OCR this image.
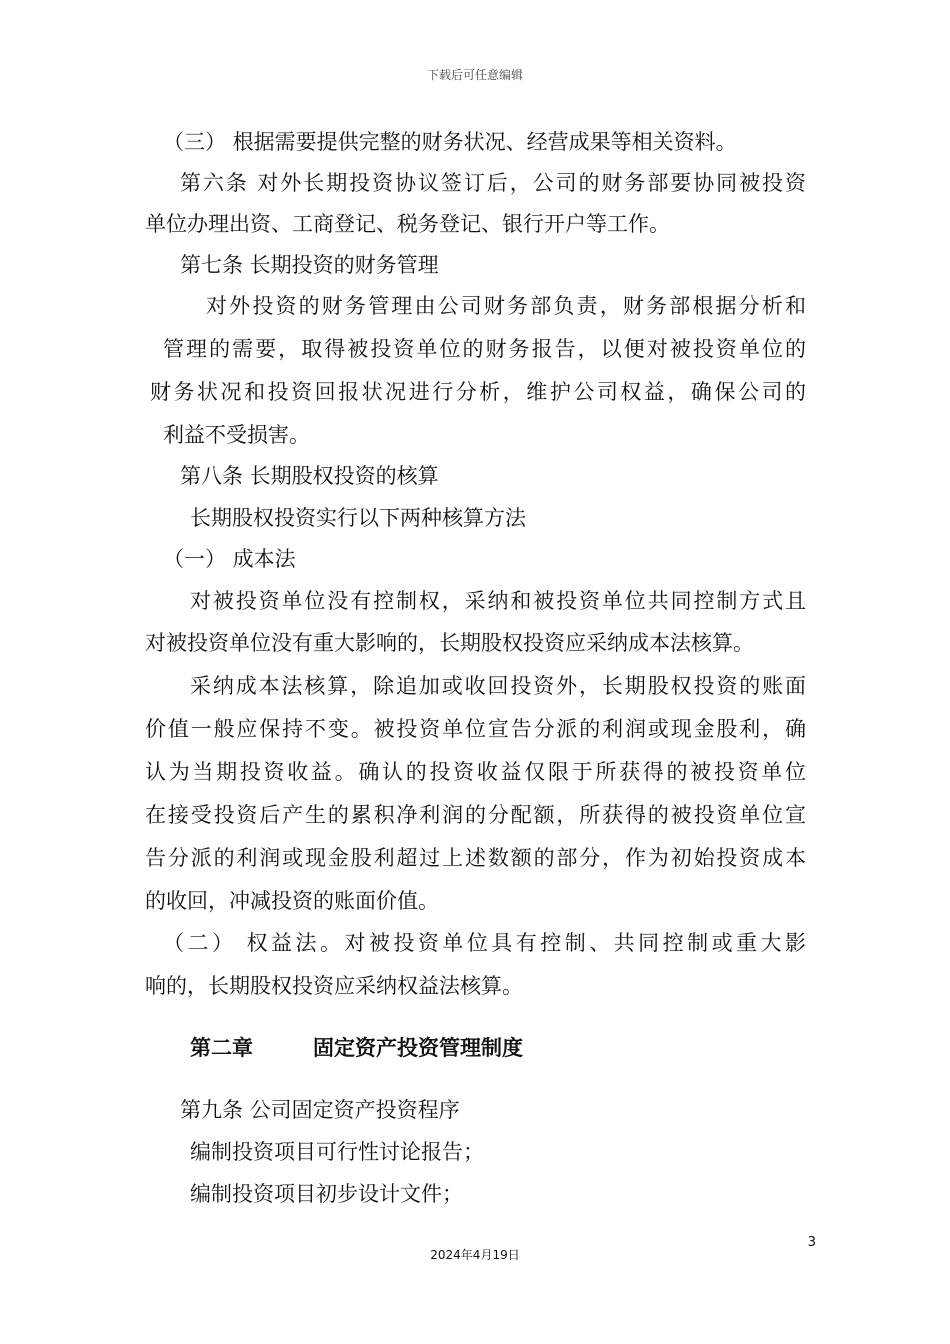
下载后可任意编辑
（三） 根据需要提供完整的财务状况、经营成果等相关资料。
第六条 对外长期投资协议签订后，公司的财务部要协同被投资
单位办理出资、工商登记、税务登记、银行开户等工作。
第七条 长期投资的财务管理
对外投资的财务管理由公司财务部负责，财务部根据分析和
管理的需要，取得被投资单位的财务报告，以便对被投资单位的
财务状况和投资回报状况进行分析，维护公司权益，确保公司的
利益不受损害。
第八条 长期股权投资的核算
长期股权投资实行以下两种核算方法
（一） 成本法
对被投资单位没有控制权，采纳和被投资单位共同控制方式且
对被投资单位没有重大影响的，长期股权投资应采纳成本法核算。
采纳成本法核算，除追加或收回投资外，长期股权投资的账面
价值一般应保持不变。被投资单位宣告分派的利润或现金股利，确
认为当期投资收益。确认的投资收益仅限于所获得的被投资单位
在接受投资后产生的累积净利润的分配额，所获得的被投资单位宣
告分派的利润或现金股利超过上述数额的部分，作为初始投资成本
的收回，冲减投资的账面价值。
（二） 权益法。对被投资单位具有控制、共同控制或重大影
响的，长期股权投资应采纳权益法核算。
第二章	固定资产投资管理制度
第九条 公司固定资产投资程序
编制投资项目可行性讨论报告；
编制投资项目初步设计文件；
3
2024年4月19日
